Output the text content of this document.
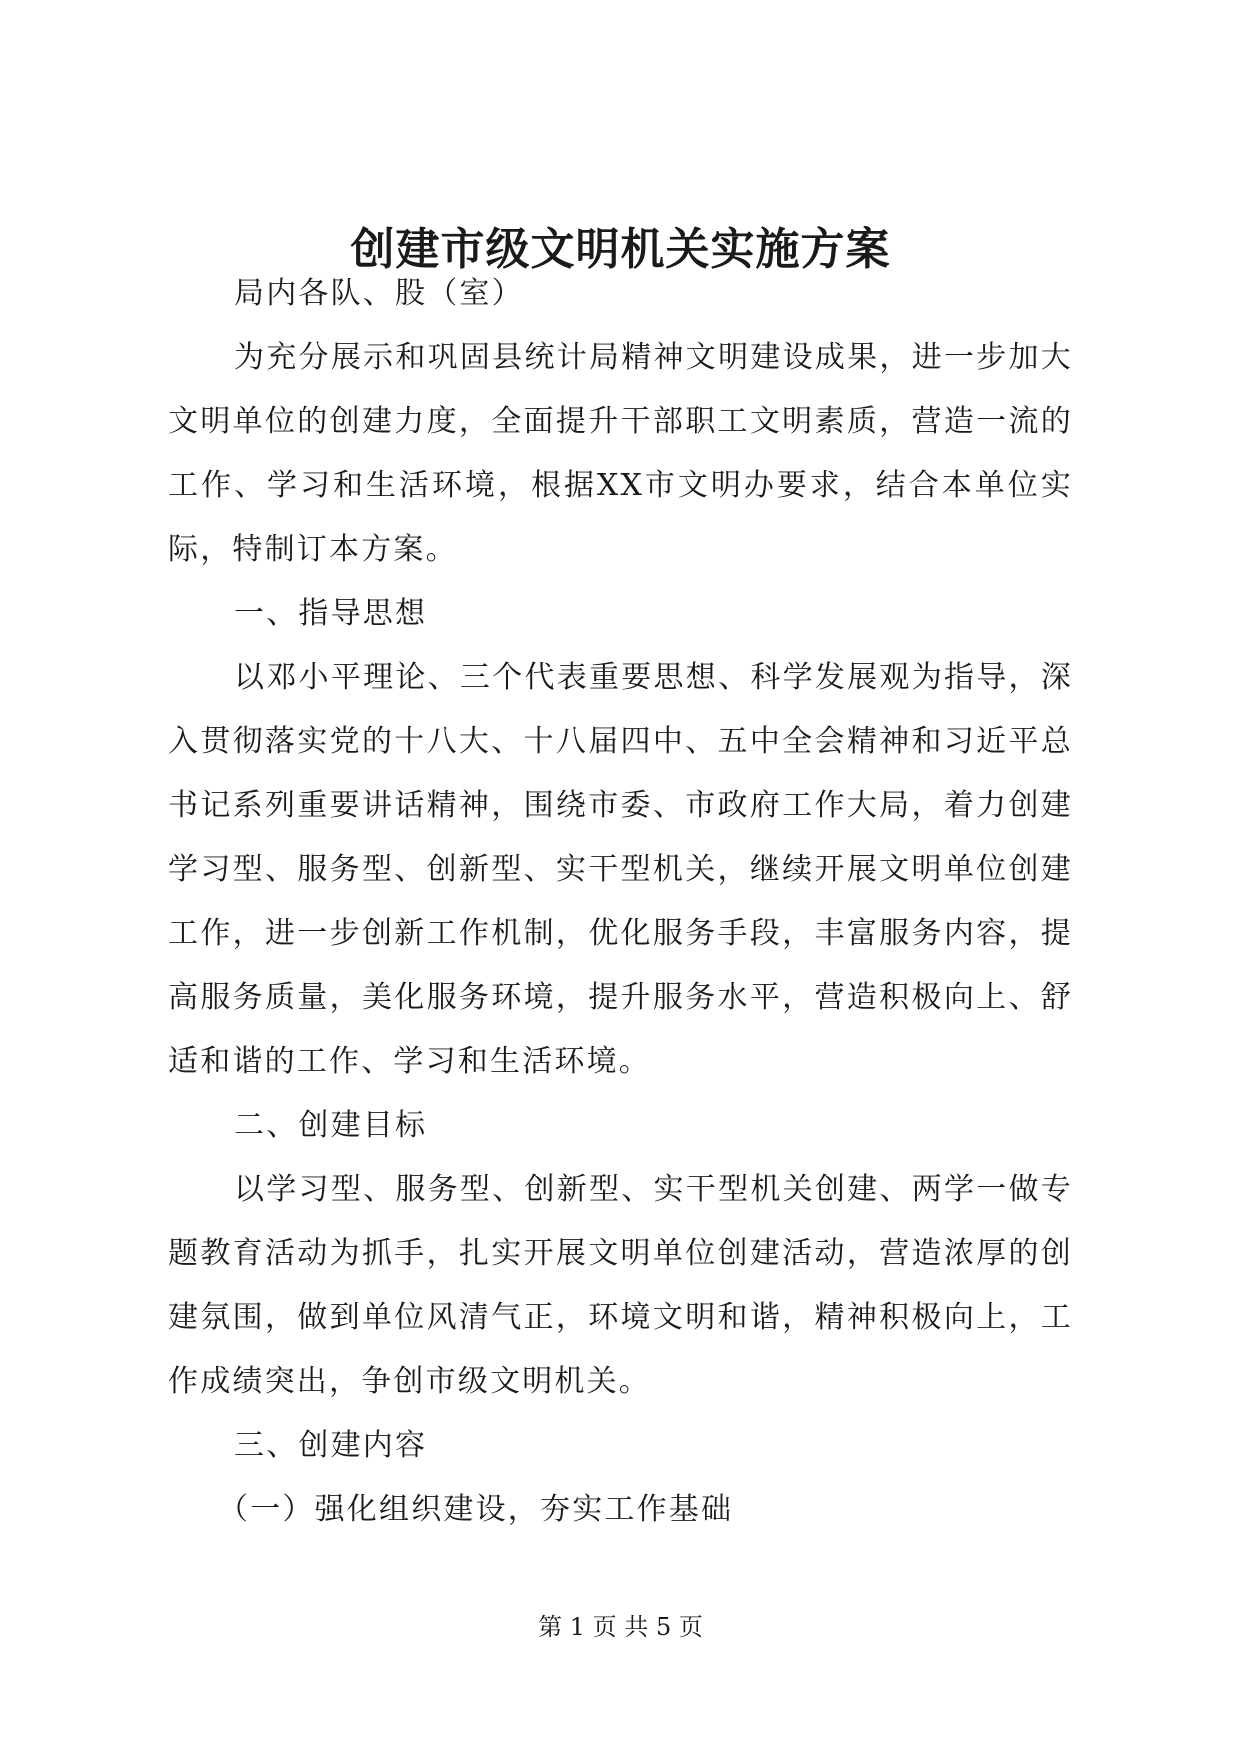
创建市级文明机关实施方案

局内各队、股（室）

为充分展示和巩固县统计局精神文明建设成果，进一步加大文明单位的创建力度，全面提升干部职工文明素质，营造一流的工作、学习和生活环境，根据XX市文明办要求，结合本单位实际，特制订本方案。

一、指导思想

以邓小平理论、三个代表重要思想、科学发展观为指导，深入贯彻落实党的十八大、十八届四中、五中全会精神和习近平总书记系列重要讲话精神，围绕市委、市政府工作大局，着力创建学习型、服务型、创新型、实干型机关，继续开展文明单位创建工作，进一步创新工作机制，优化服务手段，丰富服务内容，提高服务质量，美化服务环境，提升服务水平，营造积极向上、舒适和谐的工作、学习和生活环境。

二、创建目标

以学习型、服务型、创新型、实干型机关创建、两学一做专题教育活动为抓手，扎实开展文明单位创建活动，营造浓厚的创建氛围，做到单位风清气正，环境文明和谐，精神积极向上，工作成绩突出，争创市级文明机关。

三、创建内容

（一）强化组织建设，夯实工作基础

第 1 页 共 5 页
